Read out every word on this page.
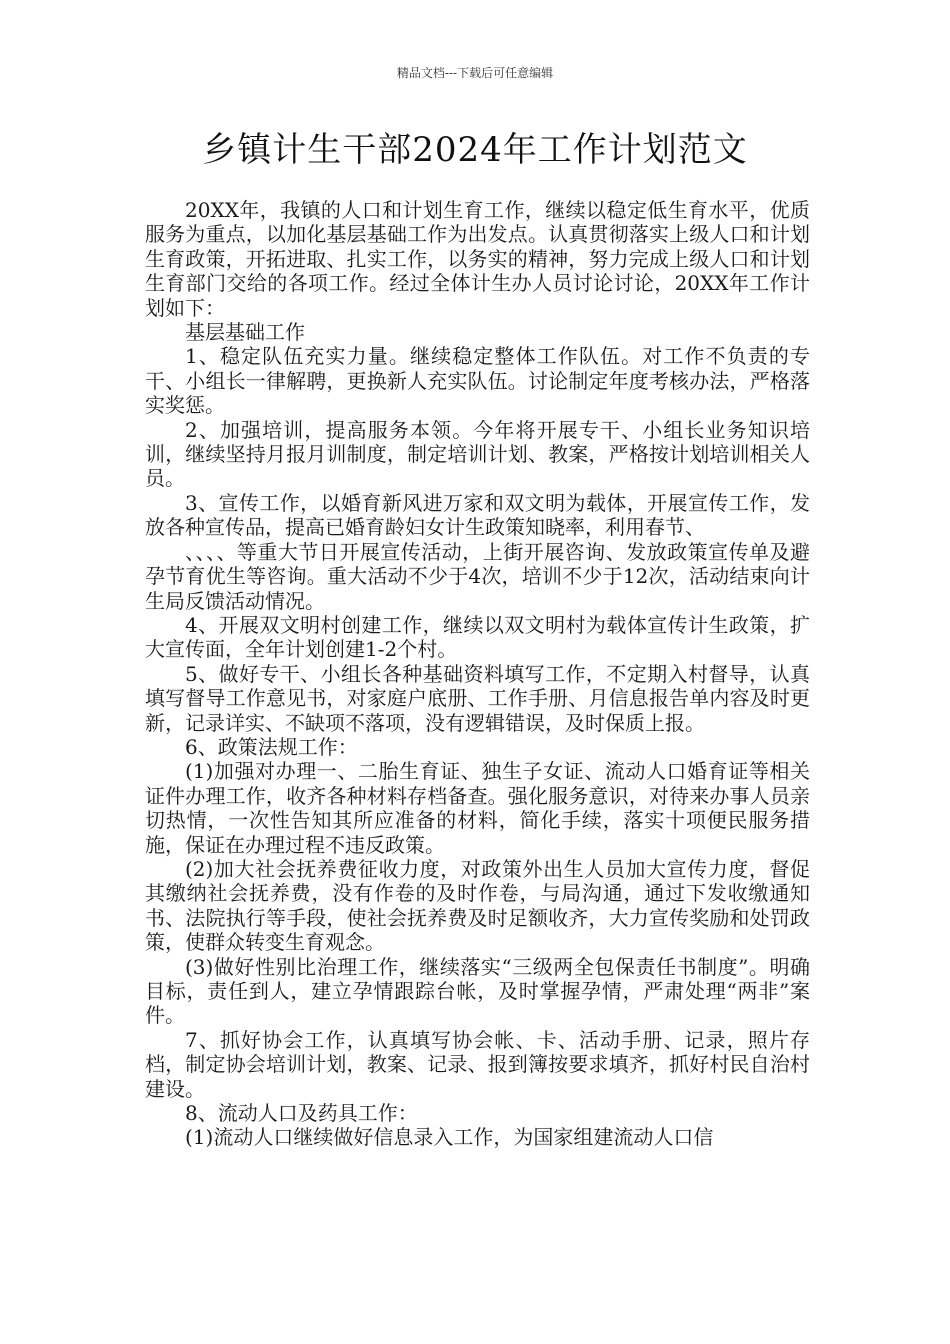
精品文档---下载后可任意编辑
乡镇计生干部2024年工作计划范文

20XX年，我镇的人口和计划生育工作，继续以稳定低生育水平，优质服务为重点，以加化基层基础工作为出发点。认真贯彻落实上级人口和计划生育政策，开拓进取、扎实工作，以务实的精神，努力完成上级人口和计划生育部门交给的各项工作。经过全体计生办人员讨论讨论，20XX年工作计划如下：

基层基础工作

1、稳定队伍充实力量。继续稳定整体工作队伍。对工作不负责的专干、小组长一律解聘，更换新人充实队伍。讨论制定年度考核办法，严格落实奖惩。

2、加强培训，提高服务本领。今年将开展专干、小组长业务知识培训，继续坚持月报月训制度，制定培训计划、教案，严格按计划培训相关人员。

3、宣传工作，以婚育新风进万家和双文明为载体，开展宣传工作，发放各种宣传品，提高已婚育龄妇女计生政策知晓率，利用春节、

、、、、等重大节日开展宣传活动，上街开展咨询、发放政策宣传单及避孕节育优生等咨询。重大活动不少于4次，培训不少于12次，活动结束向计生局反馈活动情况。

4、开展双文明村创建工作，继续以双文明村为载体宣传计生政策，扩大宣传面，全年计划创建1-2个村。

5、做好专干、小组长各种基础资料填写工作，不定期入村督导，认真填写督导工作意见书，对家庭户底册、工作手册、月信息报告单内容及时更新，记录详实、不缺项不落项，没有逻辑错误，及时保质上报。

6、政策法规工作：

(1)加强对办理一、二胎生育证、独生子女证、流动人口婚育证等相关证件办理工作，收齐各种材料存档备查。强化服务意识，对待来办事人员亲切热情，一次性告知其所应准备的材料，简化手续，落实十项便民服务措施，保证在办理过程不违反政策。

(2)加大社会抚养费征收力度，对政策外出生人员加大宣传力度，督促其缴纳社会抚养费，没有作卷的及时作卷，与局沟通，通过下发收缴通知书、法院执行等手段，使社会抚养费及时足额收齐，大力宣传奖励和处罚政策，使群众转变生育观念。

(3)做好性别比治理工作，继续落实“三级两全包保责任书制度”。明确目标，责任到人，建立孕情跟踪台帐，及时掌握孕情，严肃处理“两非”案件。

7、抓好协会工作，认真填写协会帐、卡、活动手册、记录，照片存档，制定协会培训计划，教案、记录、报到簿按要求填齐，抓好村民自治村建设。

8、流动人口及药具工作：

(1)流动人口继续做好信息录入工作，为国家组建流动人口信
